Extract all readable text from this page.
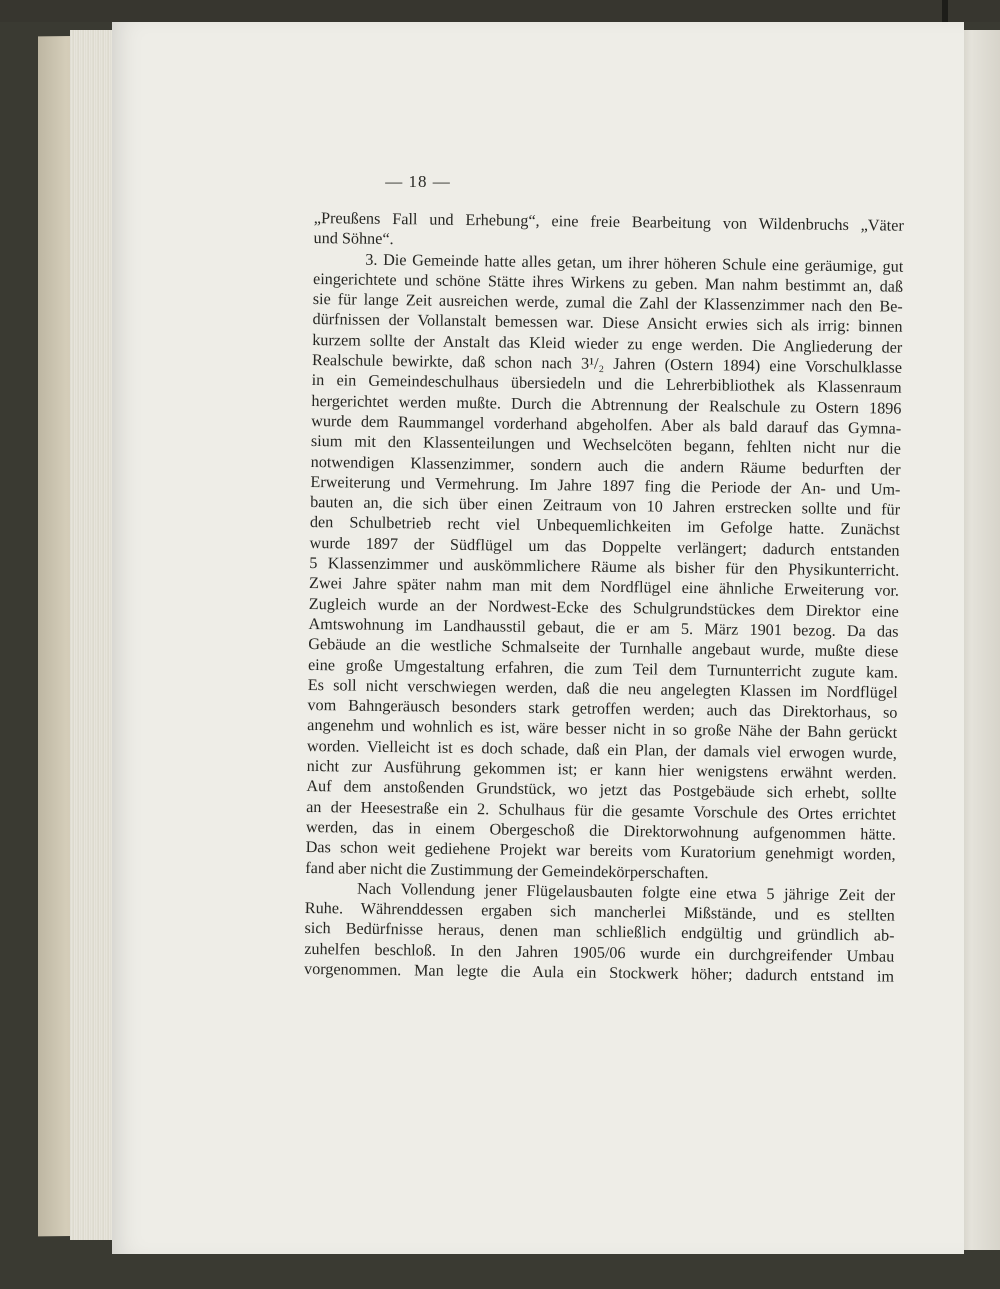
— 18 —
„Preußens Fall und Erhebung“, eine freie Bearbeitung von Wildenbruchs „Väter
und Söhne“.
3. Die Gemeinde hatte alles getan, um ihrer höheren Schule eine geräumige, gut
eingerichtete und schöne Stätte ihres Wirkens zu geben. Man nahm bestimmt an, daß
sie für lange Zeit ausreichen werde, zumal die Zahl der Klassenzimmer nach den Be-
dürfnissen der Vollanstalt bemessen war. Diese Ansicht erwies sich als irrig: binnen
kurzem sollte der Anstalt das Kleid wieder zu enge werden. Die Angliederung der
Realschule bewirkte, daß schon nach 3¹/₂ Jahren (Ostern 1894) eine Vorschulklasse
in ein Gemeindeschulhaus übersiedeln und die Lehrerbibliothek als Klassenraum
hergerichtet werden mußte. Durch die Abtrennung der Realschule zu Ostern 1896
wurde dem Raummangel vorderhand abgeholfen. Aber als bald darauf das Gymna-
sium mit den Klassenteilungen und Wechselcöten begann, fehlten nicht nur die
notwendigen Klassenzimmer, sondern auch die andern Räume bedurften der
Erweiterung und Vermehrung. Im Jahre 1897 fing die Periode der An- und Um-
bauten an, die sich über einen Zeitraum von 10 Jahren erstrecken sollte und für
den Schulbetrieb recht viel Unbequemlichkeiten im Gefolge hatte. Zunächst
wurde 1897 der Südflügel um das Doppelte verlängert; dadurch entstanden
5 Klassenzimmer und auskömmlichere Räume als bisher für den Physikunterricht.
Zwei Jahre später nahm man mit dem Nordflügel eine ähnliche Erweiterung vor.
Zugleich wurde an der Nordwest-Ecke des Schulgrundstückes dem Direktor eine
Amtswohnung im Landhausstil gebaut, die er am 5. März 1901 bezog. Da das
Gebäude an die westliche Schmalseite der Turnhalle angebaut wurde, mußte diese
eine große Umgestaltung erfahren, die zum Teil dem Turnunterricht zugute kam.
Es soll nicht verschwiegen werden, daß die neu angelegten Klassen im Nordflügel
vom Bahngeräusch besonders stark getroffen werden; auch das Direktorhaus, so
angenehm und wohnlich es ist, wäre besser nicht in so große Nähe der Bahn gerückt
worden. Vielleicht ist es doch schade, daß ein Plan, der damals viel erwogen wurde,
nicht zur Ausführung gekommen ist; er kann hier wenigstens erwähnt werden.
Auf dem anstoßenden Grundstück, wo jetzt das Postgebäude sich erhebt, sollte
an der Heesestraße ein 2. Schulhaus für die gesamte Vorschule des Ortes errichtet
werden, das in einem Obergeschoß die Direktorwohnung aufgenommen hätte.
Das schon weit gediehene Projekt war bereits vom Kuratorium genehmigt worden,
fand aber nicht die Zustimmung der Gemeindekörperschaften.
Nach Vollendung jener Flügelausbauten folgte eine etwa 5 jährige Zeit der
Ruhe. Währenddessen ergaben sich mancherlei Mißstände, und es stellten
sich Bedürfnisse heraus, denen man schließlich endgültig und gründlich ab-
zuhelfen beschloß. In den Jahren 1905/06 wurde ein durchgreifender Umbau
vorgenommen. Man legte die Aula ein Stockwerk höher; dadurch entstand im
